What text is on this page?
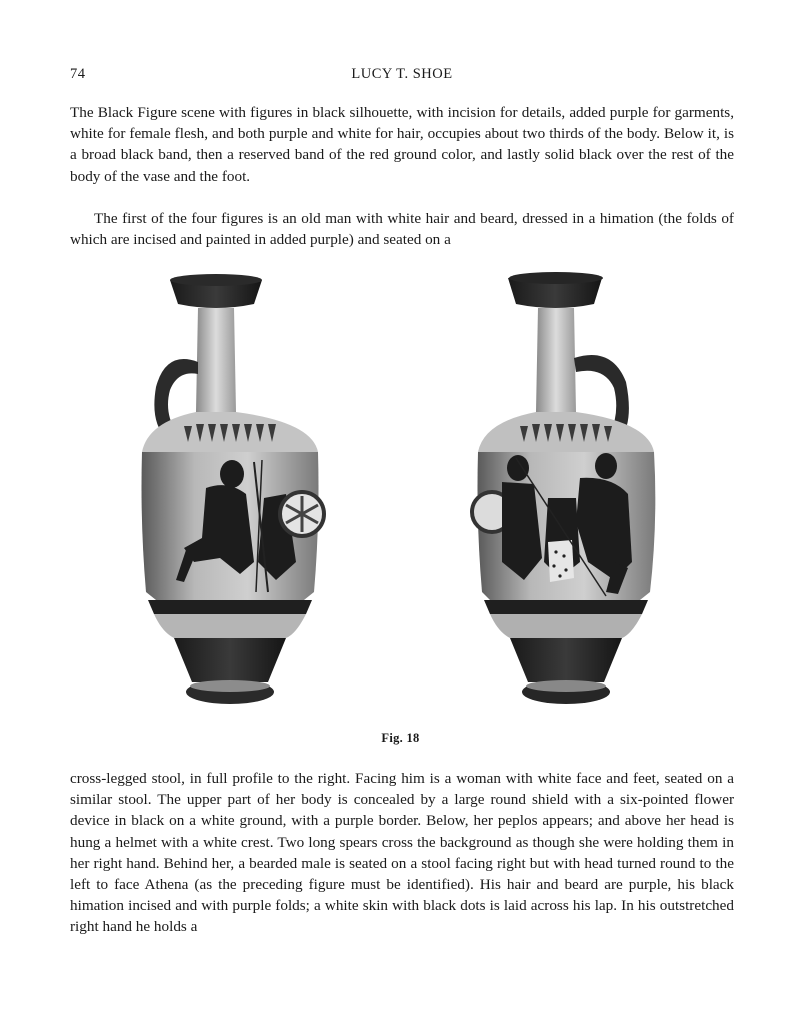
74	LUCY T. SHOE

The Black Figure scene with figures in black silhouette, with incision for details, added purple for garments, white for female flesh, and both purple and white for hair, occupies about two thirds of the body. Below it, is a broad black band, then a reserved band of the red ground color, and lastly solid black over the rest of the body of the vase and the foot.

The first of the four figures is an old man with white hair and beard, dressed in a himation (the folds of which are incised and painted in added purple) and seated on a

Fig. 18

cross-legged stool, in full profile to the right. Facing him is a woman with white face and feet, seated on a similar stool. The upper part of her body is concealed by a large round shield with a six-pointed flower device in black on a white ground, with a purple border. Below, her peplos appears; and above her head is hung a helmet with a white crest. Two long spears cross the background as though she were holding them in her right hand. Behind her, a bearded male is seated on a stool facing right but with head turned round to the left to face Athena (as the preceding figure must be identified). His hair and beard are purple, his black himation incised and with purple folds; a white skin with black dots is laid across his lap. In his outstretched right hand he holds a
